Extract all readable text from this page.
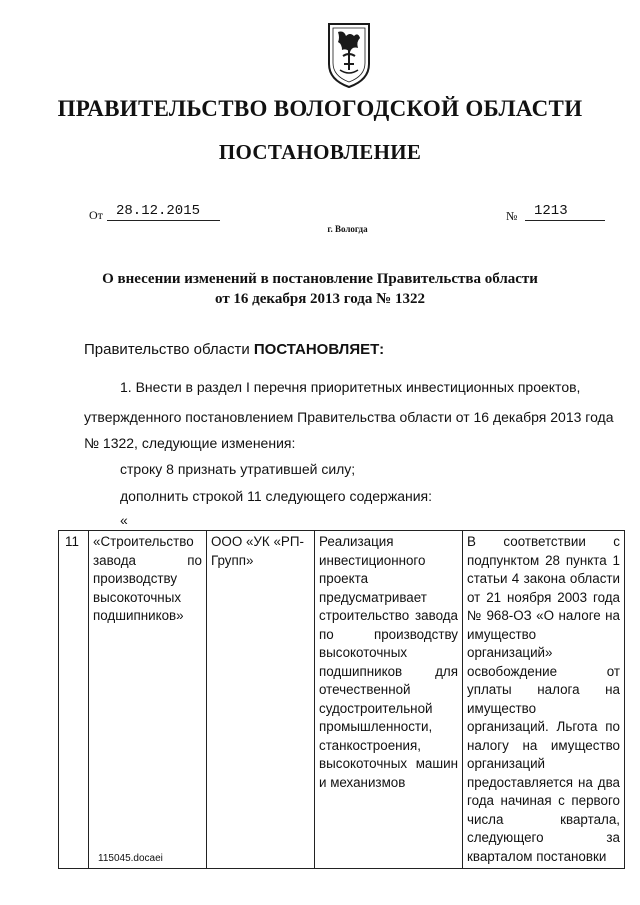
ПРАВИТЕЛЬСТВО ВОЛОГОДСКОЙ ОБЛАСТИ
ПОСТАНОВЛЕНИЕ
От 28.12.2015	№	1213
г. Вологда
О внесении изменений в постановление Правительства области
от 16 декабря 2013 года № 1322
Правительство области ПОСТАНОВЛЯЕТ:
1. Внести в раздел I перечня приоритетных инвестиционных проектов,
утвержденного постановлением Правительства области от 16 декабря 2013 года
№ 1322, следующие изменения:
строку 8 признать утратившей силу;
дополнить строкой 11 следующего содержания:
«
11	«Строительство завода по производству высокоточных подшипников»	ООО «УК «РП-Групп»	Реализация инвестиционного проекта предусматривает строительство завода по производству высокоточных подшипников для отечественной судостроительной промышленности, станкостроения, высокоточных машин и механизмов	В соответствии с подпунктом 28 пункта 1 статьи 4 закона области от 21 ноября 2003 года № 968-ОЗ «О налоге на имущество организаций» освобождение от уплаты налога на имущество организаций. Льгота по налогу на имущество организаций предоставляется на два года начиная с первого числа квартала, следующего за кварталом постановки
115045.docaei
